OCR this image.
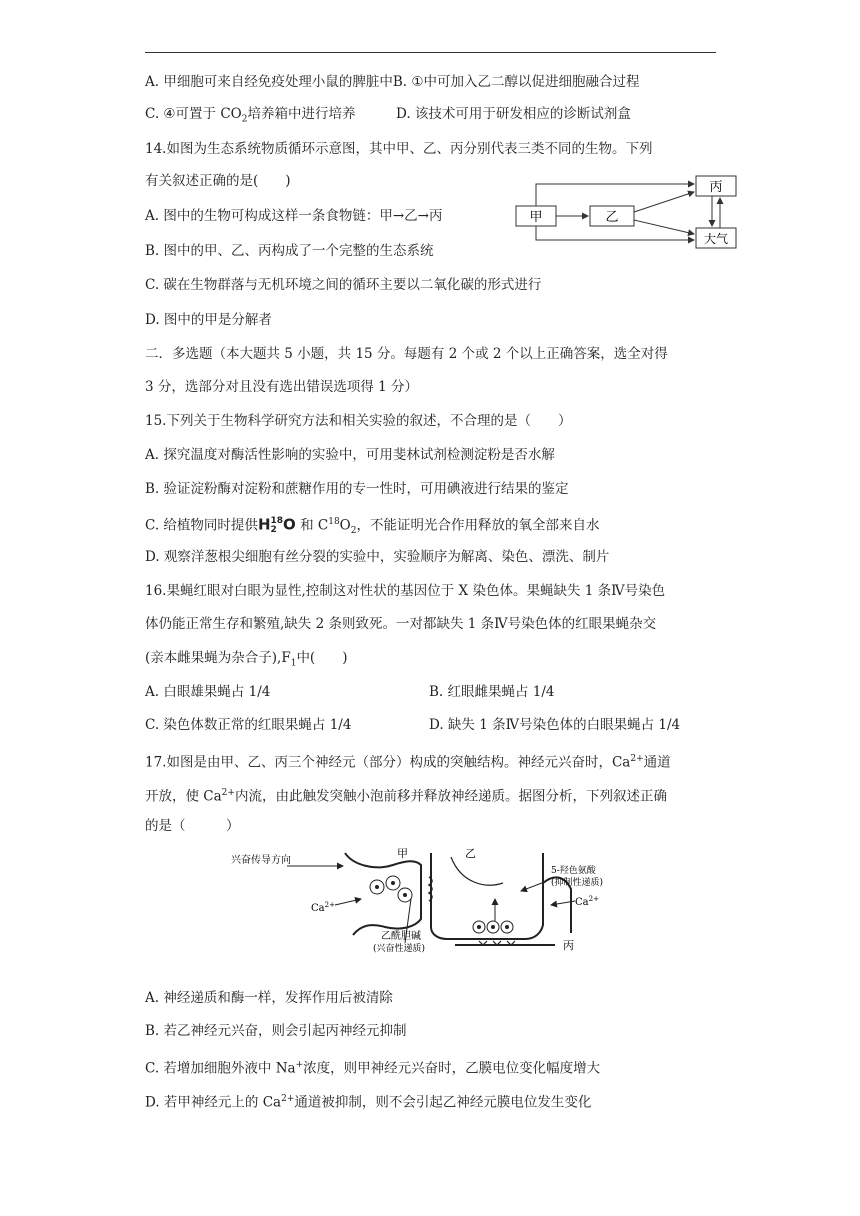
A. 甲细胞可来自经免疫处理小鼠的脾脏中B. ①中可加入乙二醇以促进细胞融合过程
C. ④可置于 $CO_2$培养箱中进行培养	D. 该技术可用于研发相应的诊断试剂盒
14.如图为生态系统物质循环示意图，其中甲、乙、丙分别代表三类不同的生物。下列
有关叙述正确的是(　　)
A. 图中的生物可构成这样一条食物链：甲→乙→丙
B. 图中的甲、乙、丙构成了一个完整的生态系统
C. 碳在生物群落与无机环境之间的循环主要以二氧化碳的形式进行
D. 图中的甲是分解者
甲	乙
丙
大气
二．多选题（本大题共 5 小题，共 15 分。每题有 2 个或 2 个以上正确答案，选全对得
3 分，选部分对且没有选出错误选项得 1 分）
15.下列关于生物科学研究方法和相关实验的叙述，不合理的是（　　）
A. 探究温度对酶活性影响的实验中，可用斐林试剂检测淀粉是否水解
B. 验证淀粉酶对淀粉和蔗糖作用的专一性时，可用碘液进行结果的鉴定
C. 给植物同时提供H18
2 O 和 $C^{18}O_2$，不能证明光合作用释放的氧全部来自水
D. 观察洋葱根尖细胞有丝分裂的实验中，实验顺序为解离、染色、漂洗、制片
16.果蝇红眼对白眼为显性,控制这对性状的基因位于 X 染色体。果蝇缺失 1 条Ⅳ号染色
体仍能正常生存和繁殖,缺失 2 条则致死。一对都缺失 1 条Ⅳ号染色体的红眼果蝇杂交
(亲本雌果蝇为杂合子)$,F_1$中(　　)
A. 白眼雄果蝇占 1/4	B. 红眼雌果蝇占 1/4
C. 染色体数正常的红眼果蝇占 1/4	D. 缺失 1 条Ⅳ号染色体的白眼果蝇占 1/4
17.如图是由甲、乙、丙三个神经元（部分）构成的突触结构。神经元兴奋时，$Ca^{2+}$通道
开放，使 $Ca^{2+}$内流，由此触发突触小泡前移并释放神经递质。据图分析，下列叙述正确
的是（　　　）
兴奋传导方向
甲	乙
丙
$Ca^{2+}$	$Ca^{2+}$
乙酰胆碱
(兴奋性递质)
5-羟色氨酸
(抑制性递质)
A. 神经递质和酶一样，发挥作用后被清除
B. 若乙神经元兴奋，则会引起丙神经元抑制
C. 若增加细胞外液中 Na+浓度，则甲神经元兴奋时，乙膜电位变化幅度增大
D. 若甲神经元上的 $Ca^{2+}$通道被抑制，则不会引起乙神经元膜电位发生变化
